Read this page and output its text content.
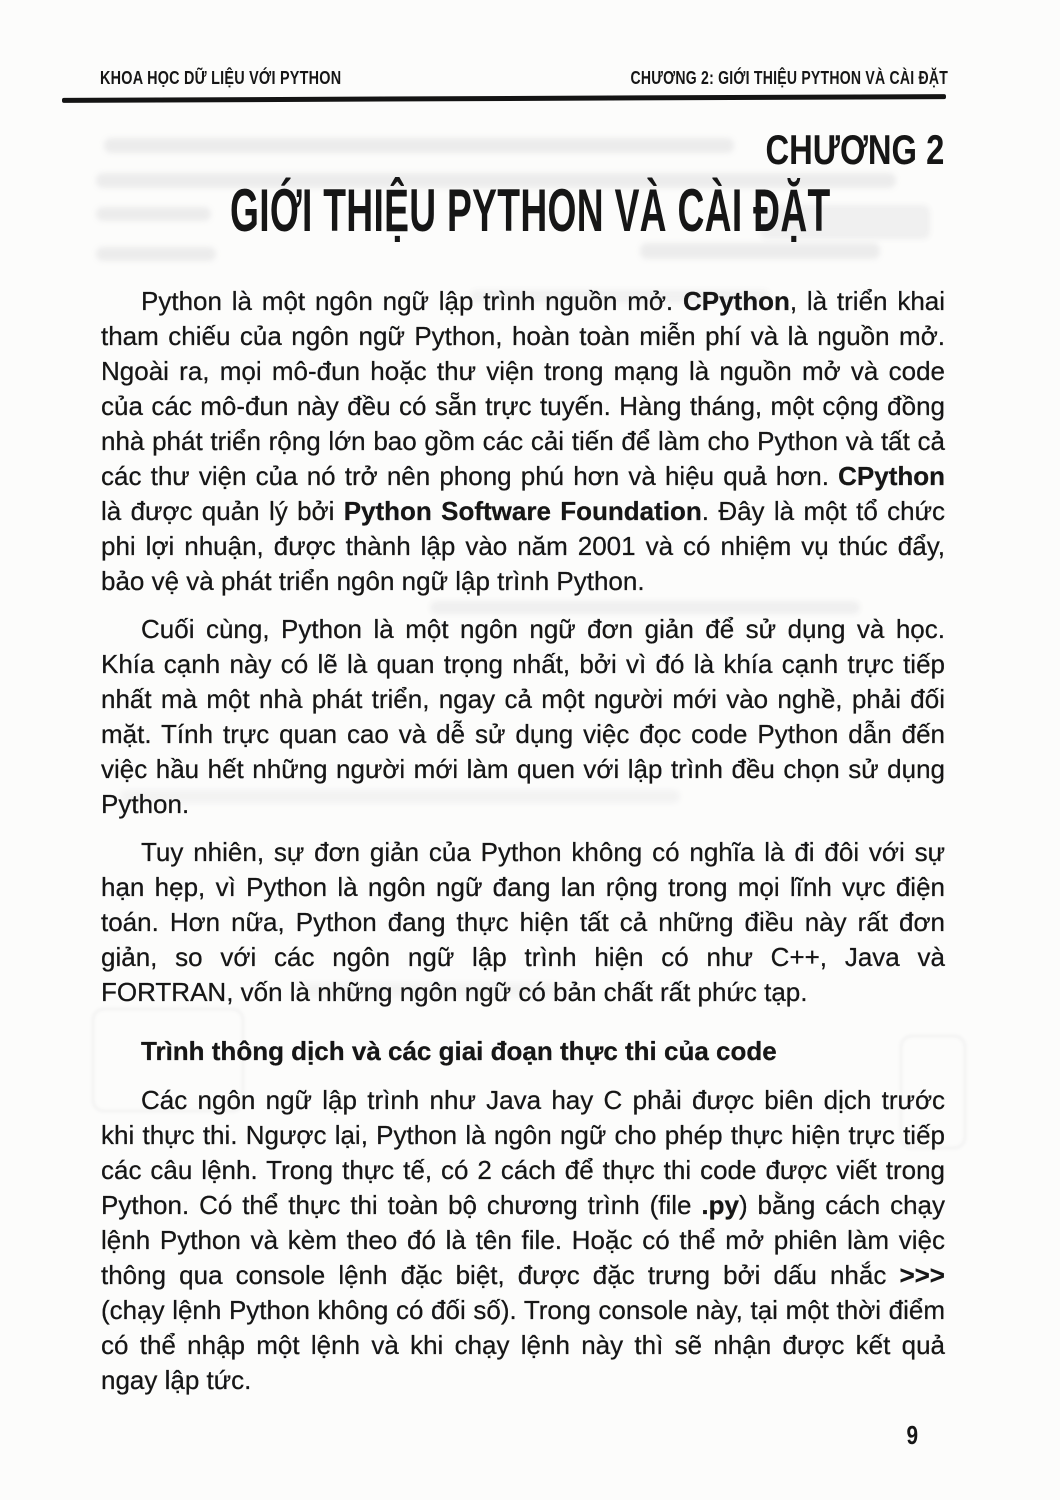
KHOA HỌC DỮ LIỆU VỚI PYTHON	CHƯƠNG 2: GIỚI THIỆU PYTHON VÀ CÀI ĐẶT
CHƯƠNG 2
GIỚI THIỆU PYTHON VÀ CÀI ĐẶT

Python là một ngôn ngữ lập trình nguồn mở. CPython, là triển khai tham chiếu của ngôn ngữ Python, hoàn toàn miễn phí và là nguồn mở. Ngoài ra, mọi mô-đun hoặc thư viện trong mạng là nguồn mở và code của các mô-đun này đều có sẵn trực tuyến. Hàng tháng, một cộng đồng nhà phát triển rộng lớn bao gồm các cải tiến để làm cho Python và tất cả các thư viện của nó trở nên phong phú hơn và hiệu quả hơn. CPython là được quản lý bởi Python Software Foundation. Đây là một tổ chức phi lợi nhuận, được thành lập vào năm 2001 và có nhiệm vụ thúc đẩy, bảo vệ và phát triển ngôn ngữ lập trình Python.

Cuối cùng, Python là một ngôn ngữ đơn giản để sử dụng và học. Khía cạnh này có lẽ là quan trọng nhất, bởi vì đó là khía cạnh trực tiếp nhất mà một nhà phát triển, ngay cả một người mới vào nghề, phải đối mặt. Tính trực quan cao và dễ sử dụng việc đọc code Python dẫn đến việc hầu hết những người mới làm quen với lập trình đều chọn sử dụng Python.

Tuy nhiên, sự đơn giản của Python không có nghĩa là đi đôi với sự hạn hẹp, vì Python là ngôn ngữ đang lan rộng trong mọi lĩnh vực điện toán. Hơn nữa, Python đang thực hiện tất cả những điều này rất đơn giản, so với các ngôn ngữ lập trình hiện có như C++, Java và FORTRAN, vốn là những ngôn ngữ có bản chất rất phức tạp.

Trình thông dịch và các giai đoạn thực thi của code

Các ngôn ngữ lập trình như Java hay C phải được biên dịch trước khi thực thi. Ngược lại, Python là ngôn ngữ cho phép thực hiện trực tiếp các câu lệnh. Trong thực tế, có 2 cách để thực thi code được viết trong Python. Có thể thực thi toàn bộ chương trình (file .py) bằng cách chạy lệnh Python và kèm theo đó là tên file. Hoặc có thể mở phiên làm việc thông qua console lệnh đặc biệt, được đặc trưng bởi dấu nhắc >>> (chạy lệnh Python không có đối số). Trong console này, tại một thời điểm có thể nhập một lệnh và khi chạy lệnh này thì sẽ nhận được kết quả ngay lập tức.

9
